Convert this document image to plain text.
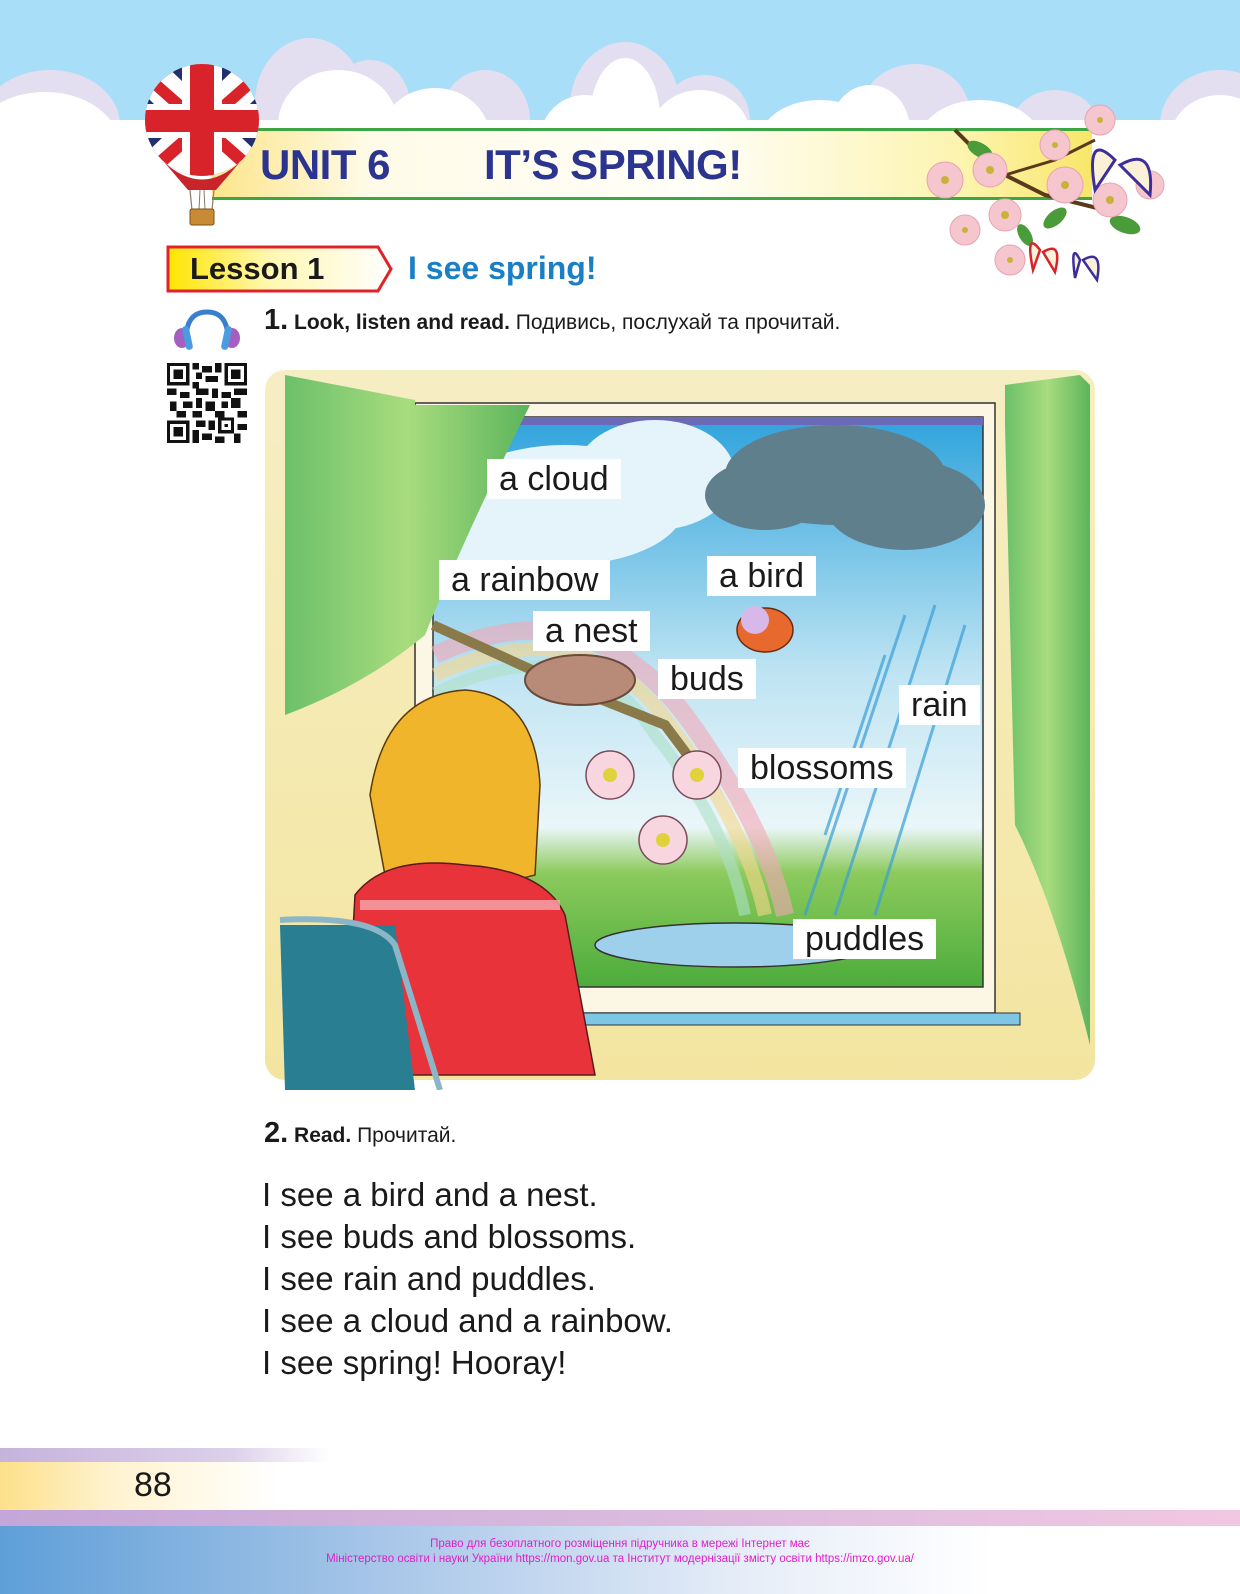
UNIT 6 IT’S SPRING!
Lesson 1	I see spring!
1. Look, listen and read. Подивись, послухай та прочитай.
a cloud
a rainbow	a bird
a nest
buds
rain
blossoms
puddles
2. Read. Прочитай.
I see a bird and a nest.
I see buds and blossoms.
I see rain and puddles.
I see a cloud and a rainbow.
I see spring! Hooray!
88
Право для безоплатного розміщення підручника в мережі Інтернет має
Міністерство освіти і науки України https://mon.gov.ua та Інститут модернізації змісту освіти https://imzo.gov.ua/
